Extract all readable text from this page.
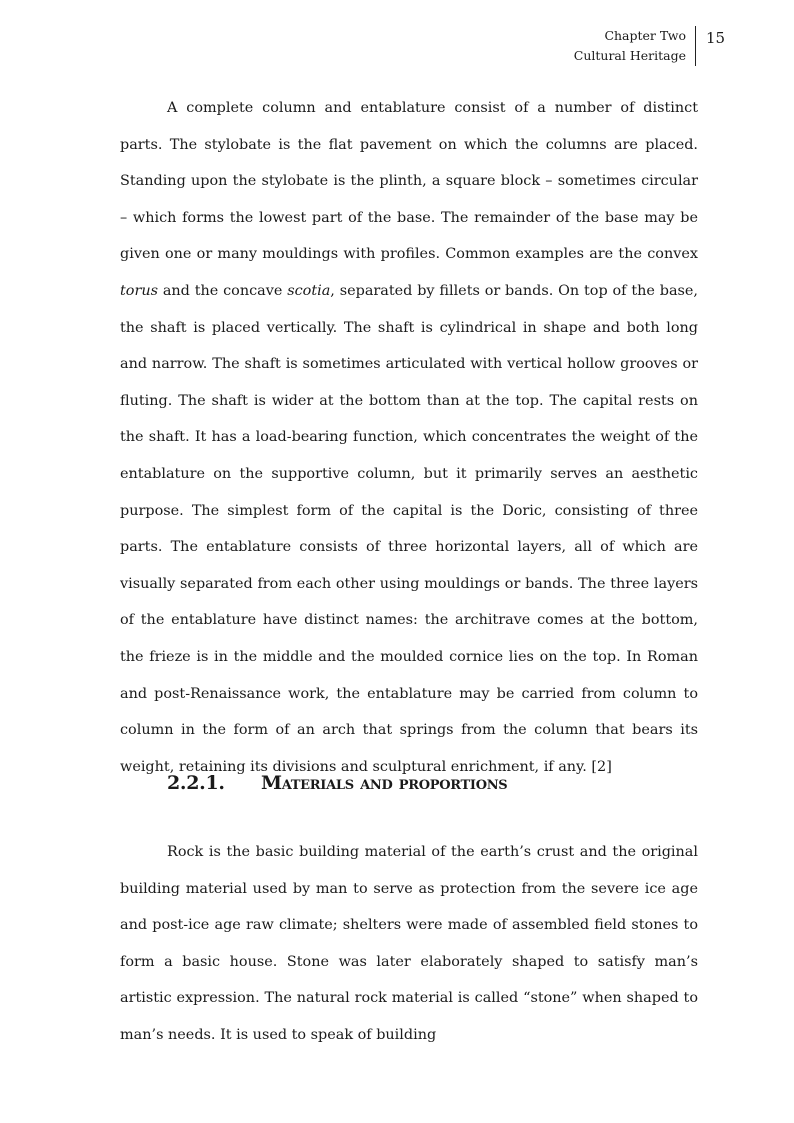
Chapter Two
Cultural Heritage
15

A complete column and entablature consist of a number of distinct parts. The stylobate is the flat pavement on which the columns are placed. Standing upon the stylobate is the plinth, a square block – sometimes circular – which forms the lowest part of the base. The remainder of the base may be given one or many mouldings with profiles. Common examples are the convex torus and the concave scotia, separated by fillets or bands. On top of the base, the shaft is placed vertically. The shaft is cylindrical in shape and both long and narrow. The shaft is sometimes articulated with vertical hollow grooves or fluting. The shaft is wider at the bottom than at the top. The capital rests on the shaft. It has a load-bearing function, which concentrates the weight of the entablature on the supportive column, but it primarily serves an aesthetic purpose. The simplest form of the capital is the Doric, consisting of three parts. The entablature consists of three horizontal layers, all of which are visually separated from each other using mouldings or bands. The three layers of the entablature have distinct names: the architrave comes at the bottom, the frieze is in the middle and the moulded cornice lies on the top. In Roman and post-Renaissance work, the entablature may be carried from column to column in the form of an arch that springs from the column that bears its weight, retaining its divisions and sculptural enrichment, if any. [2]

2.2.1. Materials and proportions

Rock is the basic building material of the earth’s crust and the original building material used by man to serve as protection from the severe ice age and post-ice age raw climate; shelters were made of assembled field stones to form a basic house. Stone was later elaborately shaped to satisfy man’s artistic expression. The natural rock material is called “stone” when shaped to man’s needs. It is used to speak of building
